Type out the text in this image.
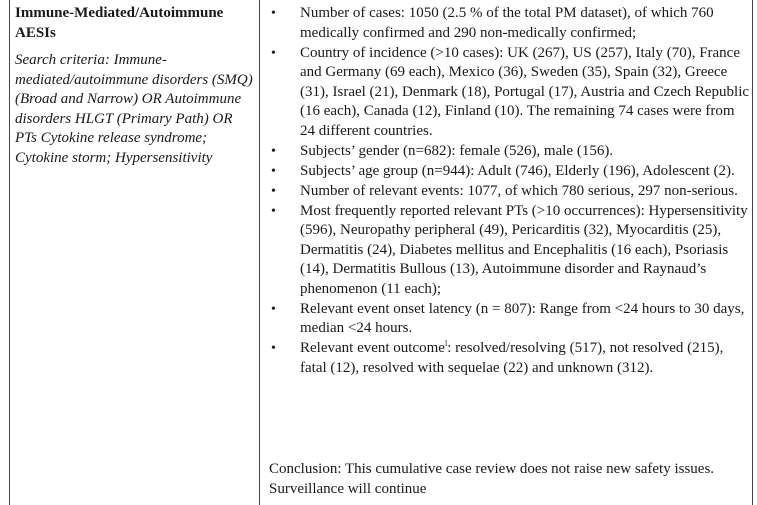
Immune-Mediated/Autoimmune AESIs

Search criteria: Immune-mediated/autoimmune disorders (SMQ) (Broad and Narrow) OR Autoimmune disorders HLGT (Primary Path) OR PTs Cytokine release syndrome; Cytokine storm; Hypersensitivity

• Number of cases: 1050 (2.5 % of the total PM dataset), of which 760 medically confirmed and 290 non-medically confirmed;
• Country of incidence (>10 cases): UK (267), US (257), Italy (70), France and Germany (69 each), Mexico (36), Sweden (35), Spain (32), Greece (31), Israel (21), Denmark (18), Portugal (17), Austria and Czech Republic (16 each), Canada (12), Finland (10). The remaining 74 cases were from 24 different countries.
• Subjects’ gender (n=682): female (526), male (156).
• Subjects’ age group (n=944): Adult (746), Elderly (196), Adolescent (2).
• Number of relevant events: 1077, of which 780 serious, 297 non-serious.
• Most frequently reported relevant PTs (>10 occurrences): Hypersensitivity (596), Neuropathy peripheral (49), Pericarditis (32), Myocarditis (25), Dermatitis (24), Diabetes mellitus and Encephalitis (16 each), Psoriasis (14), Dermatitis Bullous (13), Autoimmune disorder and Raynaud’s phenomenon (11 each);
• Relevant event onset latency (n = 807): Range from <24 hours to 30 days, median <24 hours.
• Relevant event outcome$^l$: resolved/resolving (517), not resolved (215), fatal (12), resolved with sequelae (22) and unknown (312).

Conclusion: This cumulative case review does not raise new safety issues. Surveillance will continue
